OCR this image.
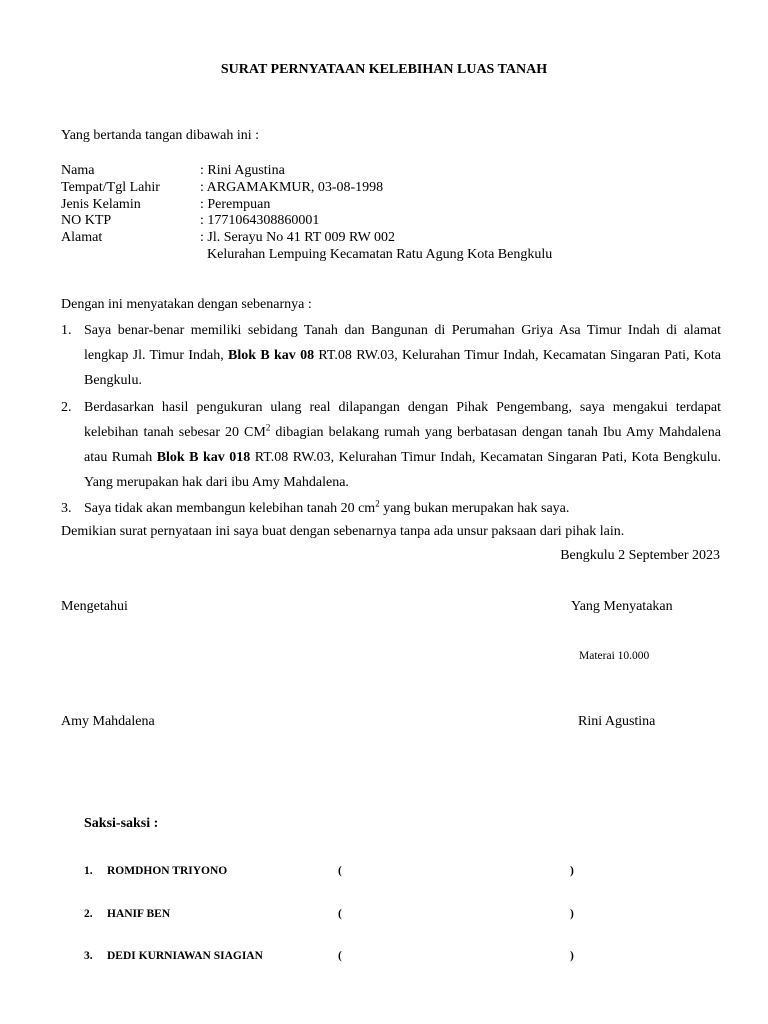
SURAT PERNYATAAN KELEBIHAN LUAS TANAH
Yang bertanda tangan dibawah ini :
Nama	: Rini Agustina
Tempat/Tgl Lahir	: ARGAMAKMUR, 03-08-1998
Jenis Kelamin	: Perempuan
NO KTP	: 1771064308860001
Alamat	: Jl. Serayu No 41 RT 009 RW 002
Kelurahan Lempuing Kecamatan Ratu Agung Kota Bengkulu
Dengan ini menyatakan dengan sebenarnya :
1. Saya benar-benar memiliki sebidang Tanah dan Bangunan di Perumahan Griya Asa Timur Indah di alamat lengkap Jl. Timur Indah, Blok B kav 08 RT.08 RW.03, Kelurahan Timur Indah, Kecamatan Singaran Pati, Kota Bengkulu.
2. Berdasarkan hasil pengukuran ulang real dilapangan dengan Pihak Pengembang, saya mengakui terdapat kelebihan tanah sebesar 20 $CM^2$ dibagian belakang rumah yang berbatasan dengan tanah Ibu Amy Mahdalena atau Rumah Blok B kav 018 RT.08 RW.03, Kelurahan Timur Indah, Kecamatan Singaran Pati, Kota Bengkulu. Yang merupakan hak dari ibu Amy Mahdalena.
3. Saya tidak akan membangun kelebihan tanah 20 $cm^2$ yang bukan merupakan hak saya.
Demikian surat pernyataan ini saya buat dengan sebenarnya tanpa ada unsur paksaan dari pihak lain.
Bengkulu 2 September 2023
Mengetahui	Yang Menyatakan
Materai 10.000
Amy Mahdalena	Rini Agustina
Saksi-saksi :
1. ROMDHON TRIYONO	(	)
2. HANIF BEN	(	)
3. DEDI KURNIAWAN SIAGIAN	(	)
